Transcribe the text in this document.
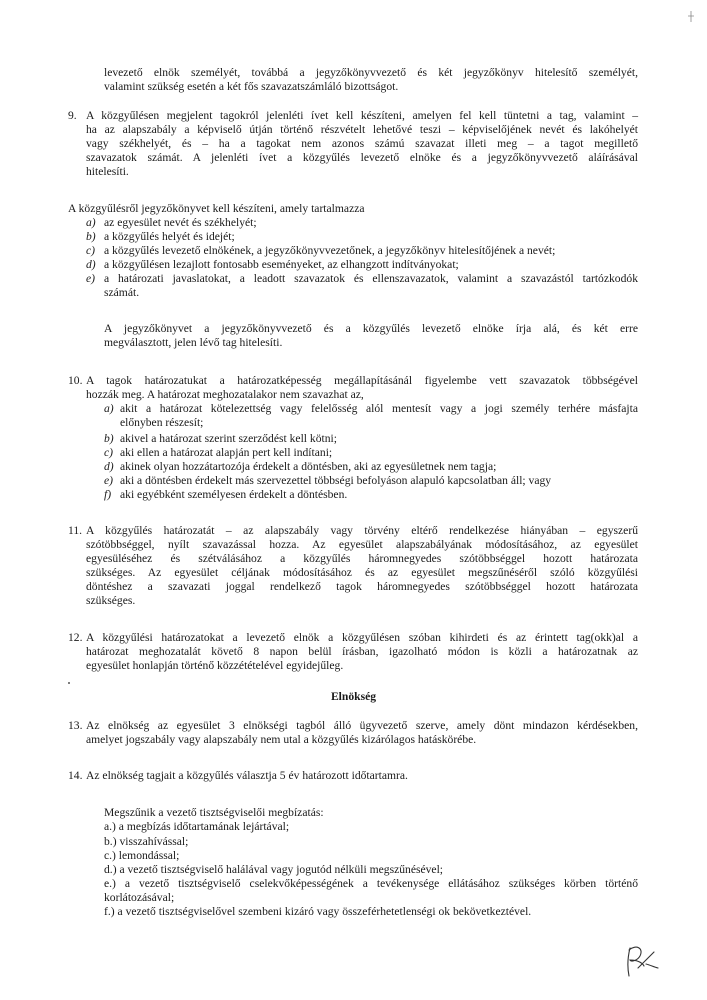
levezető elnök személyét, továbbá a jegyzőkönyvvezető és két jegyzőkönyv hitelesítő személyét,
valamint szükség esetén a két fős szavazatszámláló bizottságot.
9. A közgyűlésen megjelent tagokról jelenléti ívet kell készíteni, amelyen fel kell tüntetni a tag, valamint –
ha az alapszabály a képviselő útján történő részvételt lehetővé teszi – képviselőjének nevét és lakóhelyét
vagy székhelyét, és – ha a tagokat nem azonos számú szavazat illeti meg – a tagot megillető
szavazatok számát. A jelenléti ívet a közgyűlés levezető elnöke és a jegyzőkönyvvezető aláírásával
hitelesíti.
A közgyűlésről jegyzőkönyvet kell készíteni, amely tartalmazza
a) az egyesület nevét és székhelyét;
b) a közgyűlés helyét és idejét;
c) a közgyűlés levezető elnökének, a jegyzőkönyvvezetőnek, a jegyzőkönyv hitelesítőjének a nevét;
d) a közgyűlésen lezajlott fontosabb eseményeket, az elhangzott indítványokat;
e) a határozati javaslatokat, a leadott szavazatok és ellenszavazatok, valamint a szavazástól tartózkodók
számát.
A jegyzőkönyvet a jegyzőkönyvvezető és a közgyűlés levezető elnöke írja alá, és két erre
megválasztott, jelen lévő tag hitelesíti.
10. A tagok határozatukat a határozatképesség megállapításánál figyelembe vett szavazatok többségével
hozzák meg. A határozat meghozatalakor nem szavazhat az,
a) akit a határozat kötelezettség vagy felelősség alól mentesít vagy a jogi személy terhére másfajta
előnyben részesít;
b) akivel a határozat szerint szerződést kell kötni;
c) aki ellen a határozat alapján pert kell indítani;
d) akinek olyan hozzátartozója érdekelt a döntésben, aki az egyesületnek nem tagja;
e) aki a döntésben érdekelt más szervezettel többségi befolyáson alapuló kapcsolatban áll; vagy
f) aki egyébként személyesen érdekelt a döntésben.
11. A közgyűlés határozatát – az alapszabály vagy törvény eltérő rendelkezése hiányában – egyszerű
szótöbbséggel, nyílt szavazással hozza. Az egyesület alapszabályának módosításához, az egyesület
egyesüléséhez és szétválásához a közgyűlés háromnegyedes szótöbbséggel hozott határozata
szükséges. Az egyesület céljának módosításához és az egyesület megszűnéséről szóló közgyűlési
döntéshez a szavazati joggal rendelkező tagok háromnegyedes szótöbbséggel hozott határozata
szükséges.
12. A közgyűlési határozatokat a levezető elnök a közgyűlésen szóban kihirdeti és az érintett tag(okk)al a
határozat meghozatalát követő 8 napon belül írásban, igazolható módon is közli a határozatnak az
egyesület honlapján történő közzétételével egyidejűleg.
Elnökség
13. Az elnökség az egyesület 3 elnökségi tagból álló ügyvezető szerve, amely dönt mindazon kérdésekben,
amelyet jogszabály vagy alapszabály nem utal a közgyűlés kizárólagos hatáskörébe.
14. Az elnökség tagjait a közgyűlés választja 5 év határozott időtartamra.
Megszűnik a vezető tisztségviselői megbízatás:
a.) a megbízás időtartamának lejártával;
b.) visszahívással;
c.) lemondással;
d.) a vezető tisztségviselő halálával vagy jogutód nélküli megszűnésével;
e.) a vezető tisztségviselő cselekvőképességének a tevékenysége ellátásához szükséges körben történő
korlátozásával;
f.) a vezető tisztségviselővel szembeni kizáró vagy összeférhetetlenségi ok bekövetkeztével.
